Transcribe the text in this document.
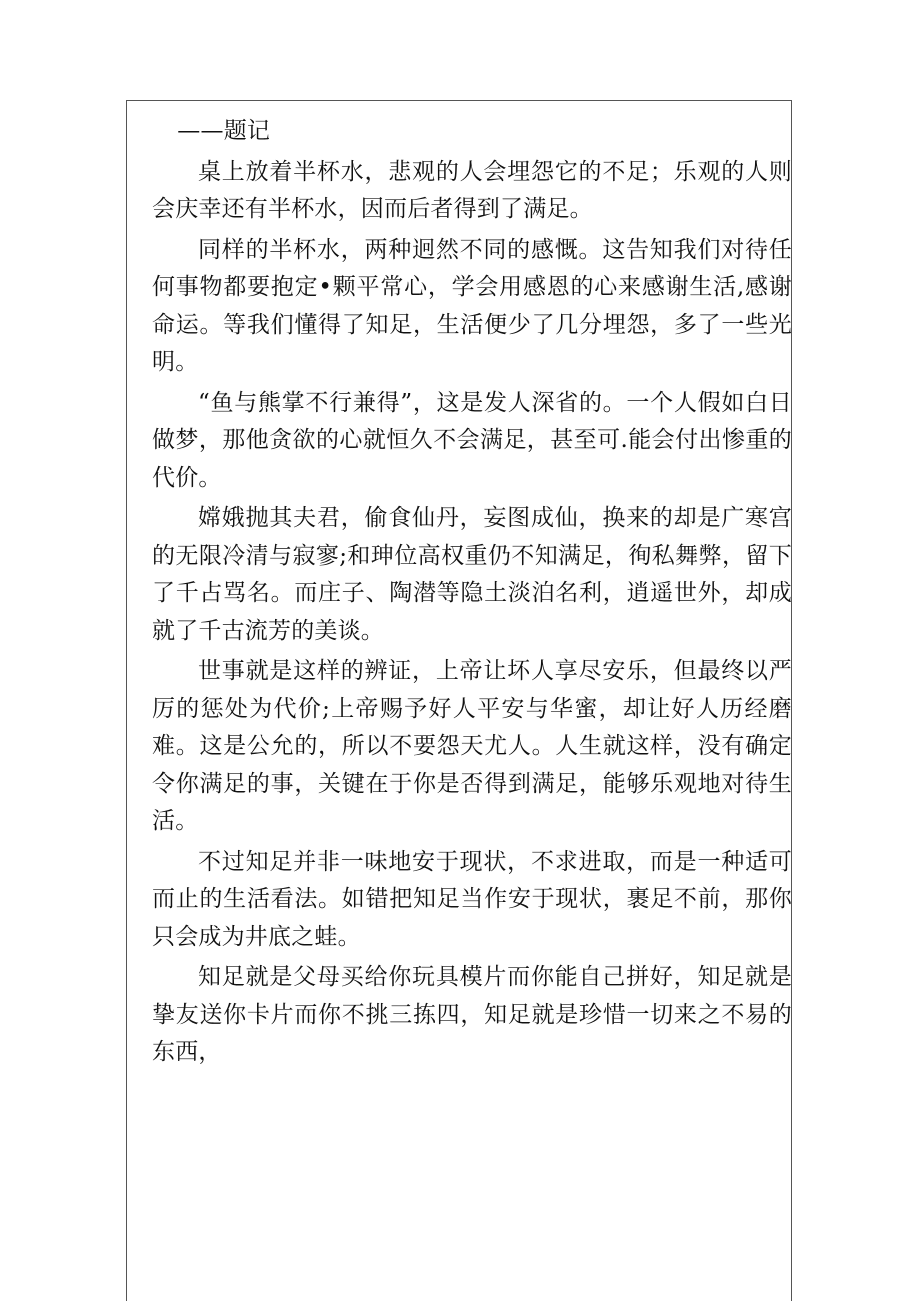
——题记

桌上放着半杯水，悲观的人会埋怨它的不足；乐观的人则会庆幸还有半杯水，因而后者得到了满足。

同样的半杯水，两种迥然不同的感慨。这告知我们对待任何事物都要抱定•颗平常心，学会用感恩的心来感谢生活,感谢命运。等我们懂得了知足，生活便少了几分埋怨，多了一些光明。

“鱼与熊掌不行兼得”，这是发人深省的。一个人假如白日做梦，那他贪欲的心就恒久不会满足，甚至可.能会付出惨重的代价。

嫦娥抛其夫君，偷食仙丹，妄图成仙，换来的却是广寒宫的无限冷清与寂寥;和珅位高权重仍不知满足，徇私舞弊，留下了千占骂名。而庄子、陶潜等隐土淡泊名利，逍遥世外，却成就了千古流芳的美谈。

世事就是这样的辨证，上帝让坏人享尽安乐，但最终以严厉的惩处为代价;上帝赐予好人平安与华蜜，却让好人历经磨难。这是公允的，所以不要怨天尤人。人生就这样，没有确定令你满足的事，关键在于你是否得到满足，能够乐观地对待生活。

不过知足并非一味地安于现状，不求进取，而是一种适可而止的生活看法。如错把知足当作安于现状，裹足不前，那你只会成为井底之蛙。

知足就是父母买给你玩具模片而你能自己拼好，知足就是挚友送你卡片而你不挑三拣四，知足就是珍惜一切来之不易的东西，
